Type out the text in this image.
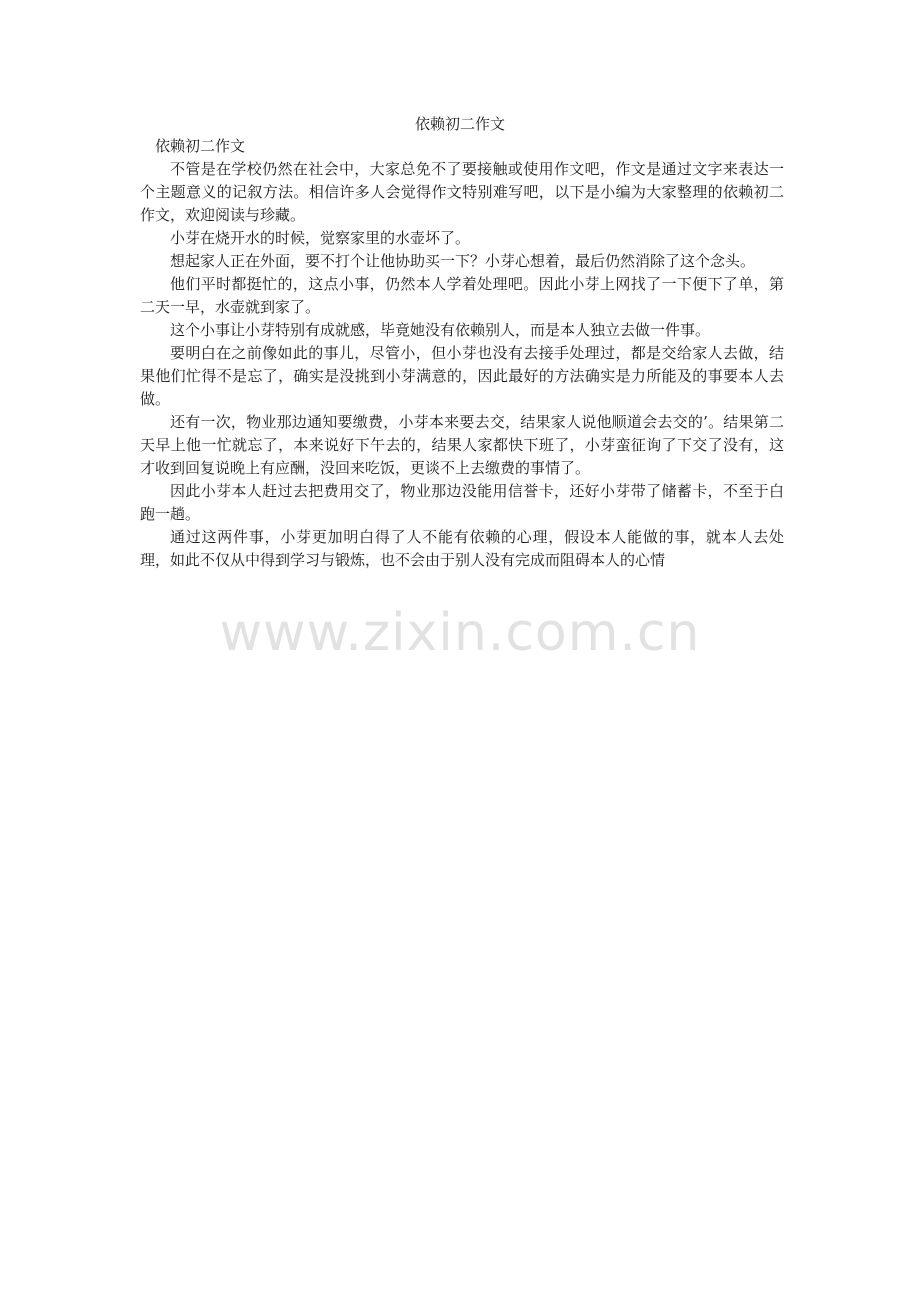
依赖初二作文

依赖初二作文

不管是在学校仍然在社会中，大家总免不了要接触或使用作文吧，作文是通过文字来表达一个主题意义的记叙方法。相信许多人会觉得作文特别难写吧，以下是小编为大家整理的依赖初二作文，欢迎阅读与珍藏。

小芽在烧开水的时候，觉察家里的水壶坏了。

想起家人正在外面，要不打个让他协助买一下？小芽心想着，最后仍然消除了这个念头。

他们平时都挺忙的，这点小事，仍然本人学着处理吧。因此小芽上网找了一下便下了单，第二天一早，水壶就到家了。

这个小事让小芽特别有成就感，毕竟她没有依赖别人，而是本人独立去做一件事。

要明白在之前像如此的事儿，尽管小，但小芽也没有去接手处理过，都是交给家人去做，结果他们忙得不是忘了，确实是没挑到小芽满意的，因此最好的方法确实是力所能及的事要本人去做。

还有一次，物业那边通知要缴费，小芽本来要去交，结果家人说他顺道会去交的’。结果第二天早上他一忙就忘了，本来说好下午去的，结果人家都快下班了，小芽蛮征询了下交了没有，这才收到回复说晚上有应酬，没回来吃饭，更谈不上去缴费的事情了。

因此小芽本人赶过去把费用交了，物业那边没能用信誉卡，还好小芽带了储蓄卡，不至于白跑一趟。

通过这两件事，小芽更加明白得了人不能有依赖的心理，假设本人能做的事，就本人去处理，如此不仅从中得到学习与锻炼，也不会由于别人没有完成而阻碍本人的心情

www.zixin.com.cn
